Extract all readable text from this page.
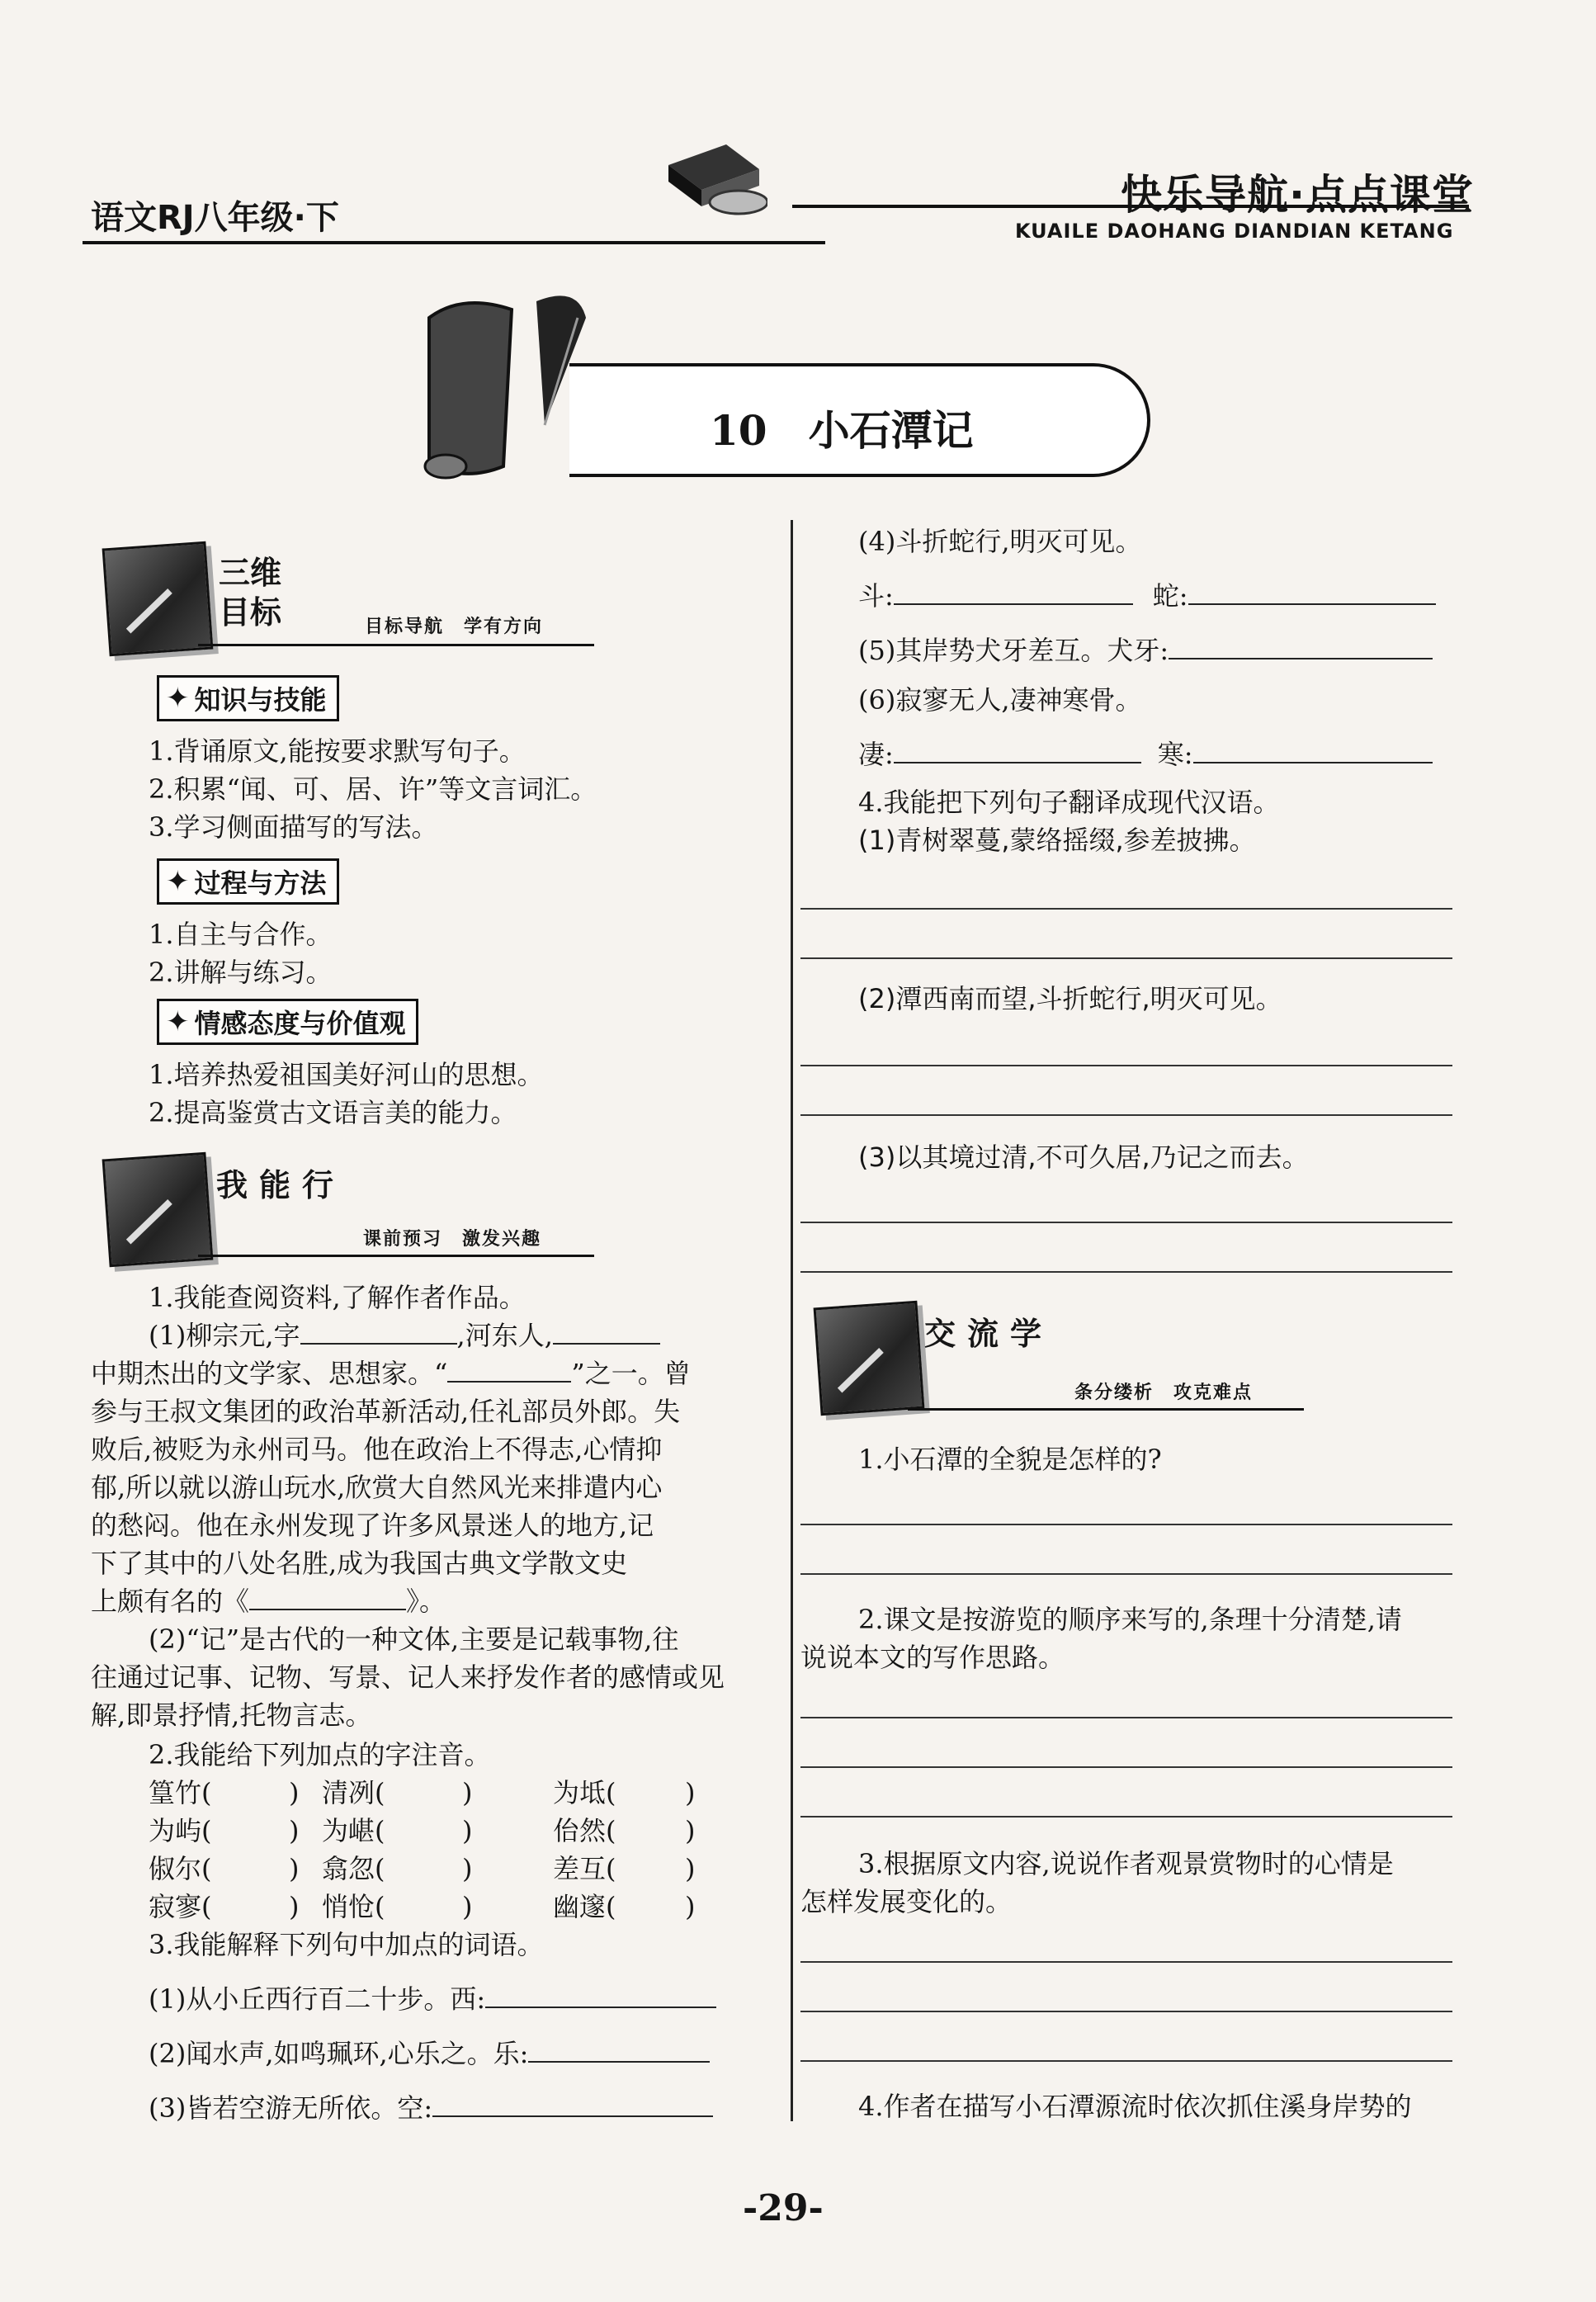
语文RJ八年级·下	快乐导航·点点课堂
KUAILE DAOHANG DIANDIAN KETANG
10　小石潭记
三维目标	目标导航　学有方向
✦ 知识与技能
1.背诵原文,能按要求默写句子。
2.积累“闻、可、居、许”等文言词汇。
3.学习侧面描写的写法。
✦ 过程与方法
1.自主与合作。
2.讲解与练习。
✦ 情感态度与价值观
1.培养热爱祖国美好河山的思想。
2.提高鉴赏古文语言美的能力。
我能行
课前预习　激发兴趣
1.我能查阅资料,了解作者作品。
(1)柳宗元,字	,河东人,
中期杰出的文学家、思想家。“	”之一。曾
参与王叔文集团的政治革新活动,任礼部员外郎。失
败后,被贬为永州司马。他在政治上不得志,心情抑
郁,所以就以游山玩水,欣赏大自然风光来排遣内心
的愁闷。他在永州发现了许多风景迷人的地方,记
下了其中的八处名胜,成为我国古典文学散文史
上颇有名的《	》。
(2)“记”是古代的一种文体,主要是记载事物,往
往通过记事、记物、写景、记人来抒发作者的感情或见
解,即景抒情,托物言志。
2.我能给下列加点的字注音。
篁竹(	) 清冽(	)	为坻(	)
为屿(	) 为嵁(	)	佁然(	)
俶尔(	) 翕忽(	)	差互(	)
寂寥(	) 悄怆(	)	幽邃(	)
3.我能解释下列句中加点的词语。
(1)从小丘西行百二十步。西:
(2)闻水声,如鸣珮环,心乐之。乐:
(3)皆若空游无所依。空:
(4)斗折蛇行,明灭可见。
斗:	蛇:
(5)其岸势犬牙差互。犬牙:
(6)寂寥无人,凄神寒骨。
凄:	寒:
4.我能把下列句子翻译成现代汉语。
(1)青树翠蔓,蒙络摇缀,参差披拂。
(2)潭西南而望,斗折蛇行,明灭可见。
(3)以其境过清,不可久居,乃记之而去。
交流学
条分缕析　攻克难点
1.小石潭的全貌是怎样的?
2.课文是按游览的顺序来写的,条理十分清楚,请
说说本文的写作思路。
3.根据原文内容,说说作者观景赏物时的心情是
怎样发展变化的。
4.作者在描写小石潭源流时依次抓住溪身岸势的
-29-
